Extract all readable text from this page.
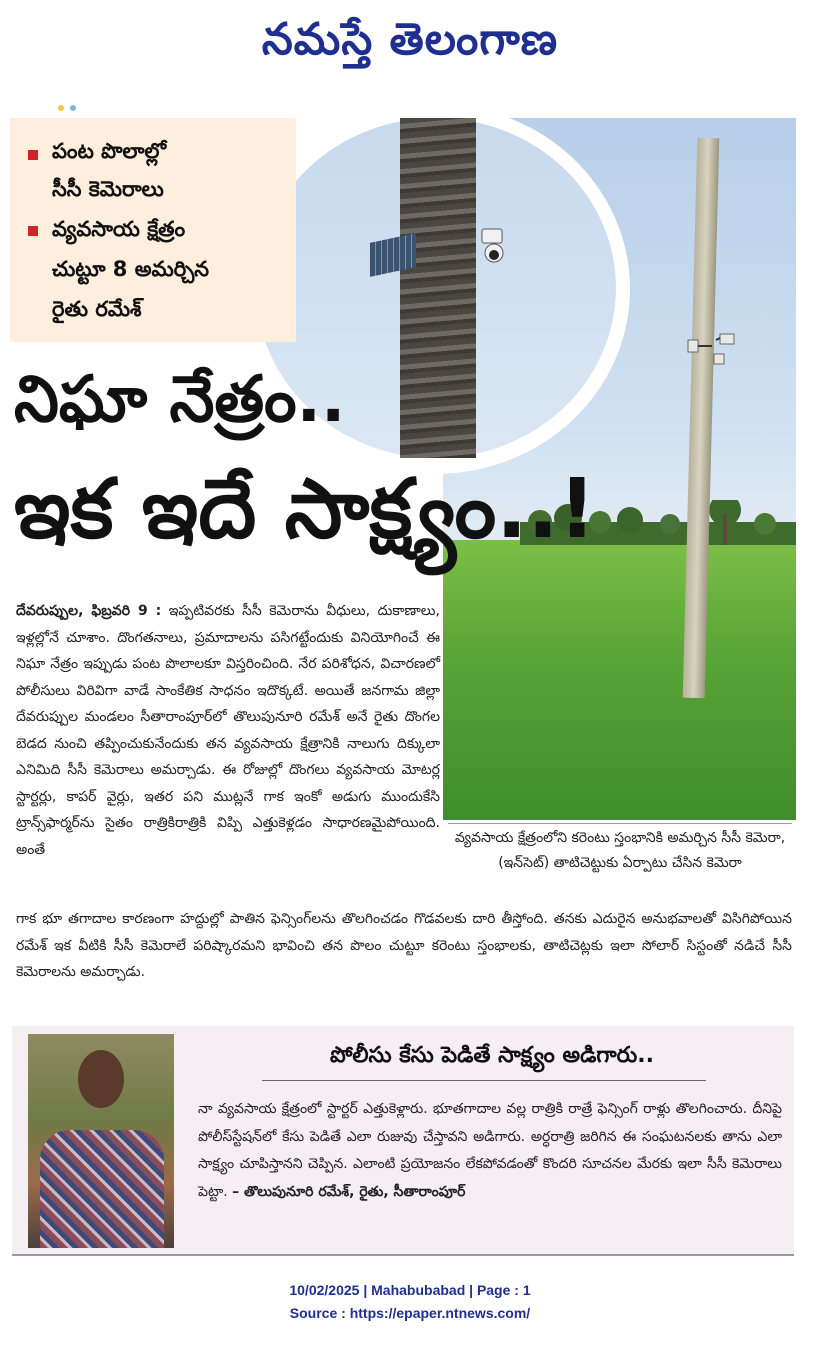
నమస్తే తెలంగాణ
పంట పొలాల్లో
సీసీ కెమెరాలు
వ్యవసాయ క్షేత్రం
చుట్టూ 8 అమర్చిన
రైతు రమేశ్
నిఘా నేత్రం..
ఇక ఇదే సాక్ష్యం..!
దేవరుప్పుల, ఫిబ్రవరి 9 : ఇప్పటివరకు సీసీ కెమెరాను వీధులు, దుకాణాలు, ఇళ్లల్లోనే చూశాం. దొంగతనాలు, ప్రమాదాలను పసిగట్టేందుకు వినియోగించే ఈ నిఘా నేత్రం ఇప్పుడు పంట పొలాలకూ విస్తరించింది. నేర పరిశోధన, విచారణలో పోలీసులు విరివిగా వాడే సాంకేతిక సాధనం ఇదొక్కటే. అయితే జనగామ జిల్లా దేవరుప్పుల మండలం సీతారాంపూర్‌లో తొలుపునూరి రమేశ్ అనే రైతు దొంగల బెడద నుంచి తప్పించుకునేందుకు తన వ్యవసాయ క్షేత్రానికి నాలుగు దిక్కులా ఎనిమిది సీసీ కెమెరాలు అమర్చాడు. ఈ రోజుల్లో దొంగలు వ్యవసాయ మోటర్ల స్టార్టర్లు, కాపర్ వైర్లు, ఇతర పని ముట్లనే గాక ఇంకో అడుగు ముందుకేసి ట్రాన్స్‌ఫార్మర్‌ను సైతం రాత్రికిరాత్రికి విప్పి ఎత్తుకెళ్లడం సాధారణమైపోయింది. అంతే
గాక భూ తగాదాల కారణంగా హద్దుల్లో పాతిన ఫెన్సింగ్‌లను తొలగించడం గొడవలకు దారి తీస్తోంది. తనకు ఎదురైన అనుభవాలతో విసిగిపోయిన రమేశ్ ఇక వీటికి సీసీ కెమెరాలే పరిష్కారమని భావించి తన పొలం చుట్టూ కరెంటు స్తంభాలకు, తాటిచెట్లకు ఇలా సోలార్ సిస్టంతో నడిచే సీసీ కెమెరాలను అమర్చాడు.
వ్యవసాయ క్షేత్రంలోని కరెంటు స్తంభానికి అమర్చిన సీసీ కెమెరా, (ఇన్‌సెట్) తాటిచెట్టుకు ఏర్పాటు చేసిన కెమెరా
పోలీసు కేసు పెడితే సాక్ష్యం అడిగారు..
నా వ్యవసాయ క్షేత్రంలో స్టార్టర్ ఎత్తుకెళ్లారు. భూతగాదాల వల్ల రాత్రికి రాత్రే ఫెన్సింగ్ రాళ్లు తొలగించారు. దీనిపై పోలీస్‌స్టేషన్‌లో కేసు పెడితే ఎలా రుజువు చేస్తావని అడిగారు. అర్ధరాత్రి జరిగిన ఈ సంఘటనలకు తాను ఎలా సాక్ష్యం చూపిస్తానని చెప్పిన. ఎలాంటి ప్రయోజనం లేకపోవడంతో కొందరి సూచనల మేరకు ఇలా సీసీ కెమెరాలు పెట్టా. – తొలుపునూరి రమేశ్, రైతు, సీతారాంపూర్
10/02/2025 | Mahabubabad | Page : 1
Source : https://epaper.ntnews.com/
